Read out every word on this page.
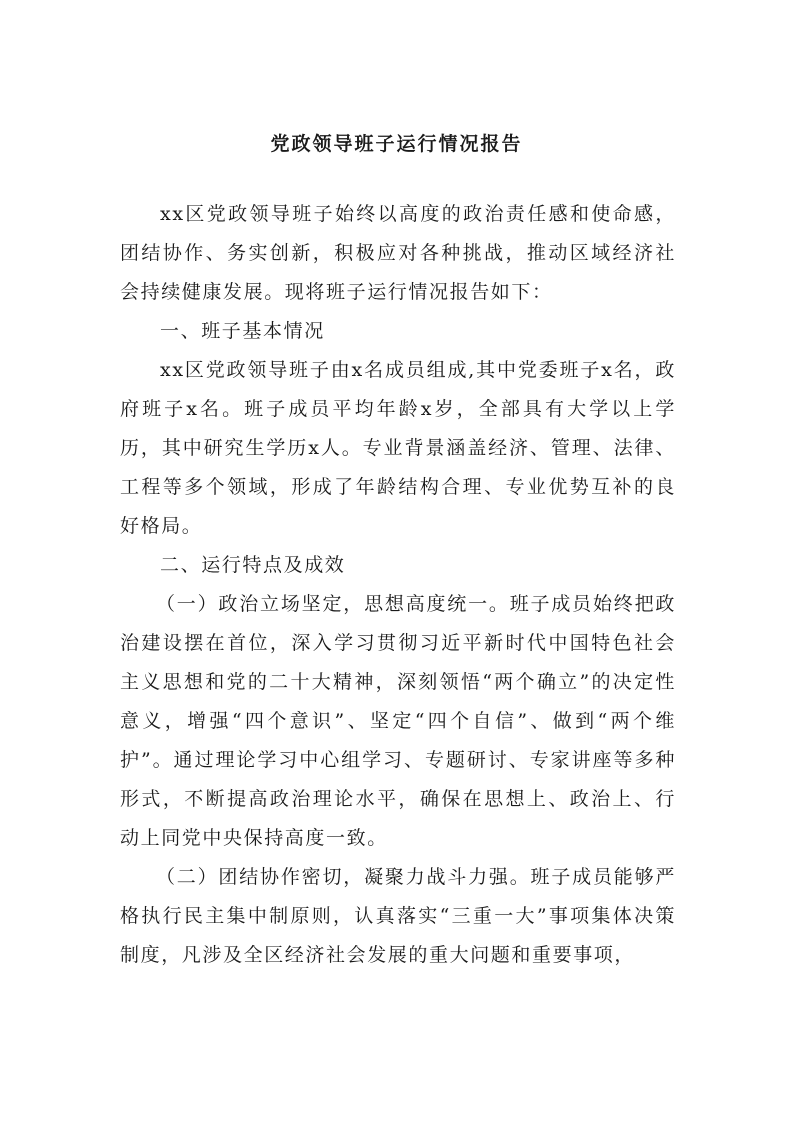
党政领导班子运行情况报告

xx区党政领导班子始终以高度的政治责任感和使命感，团结协作、务实创新，积极应对各种挑战，推动区域经济社会持续健康发展。现将班子运行情况报告如下：

一、班子基本情况

xx区党政领导班子由x名成员组成,其中党委班子x名，政府班子x名。班子成员平均年龄x岁，全部具有大学以上学历，其中研究生学历x人。专业背景涵盖经济、管理、法律、工程等多个领域，形成了年龄结构合理、专业优势互补的良好格局。

二、运行特点及成效

（一）政治立场坚定，思想高度统一。班子成员始终把政治建设摆在首位，深入学习贯彻习近平新时代中国特色社会主义思想和党的二十大精神，深刻领悟“两个确立”的决定性意义，增强“四个意识”、坚定“四个自信”、做到“两个维护”。通过理论学习中心组学习、专题研讨、专家讲座等多种形式，不断提高政治理论水平，确保在思想上、政治上、行动上同党中央保持高度一致。

（二）团结协作密切，凝聚力战斗力强。班子成员能够严格执行民主集中制原则，认真落实“三重一大”事项集体决策制度，凡涉及全区经济社会发展的重大问题和重要事项，
